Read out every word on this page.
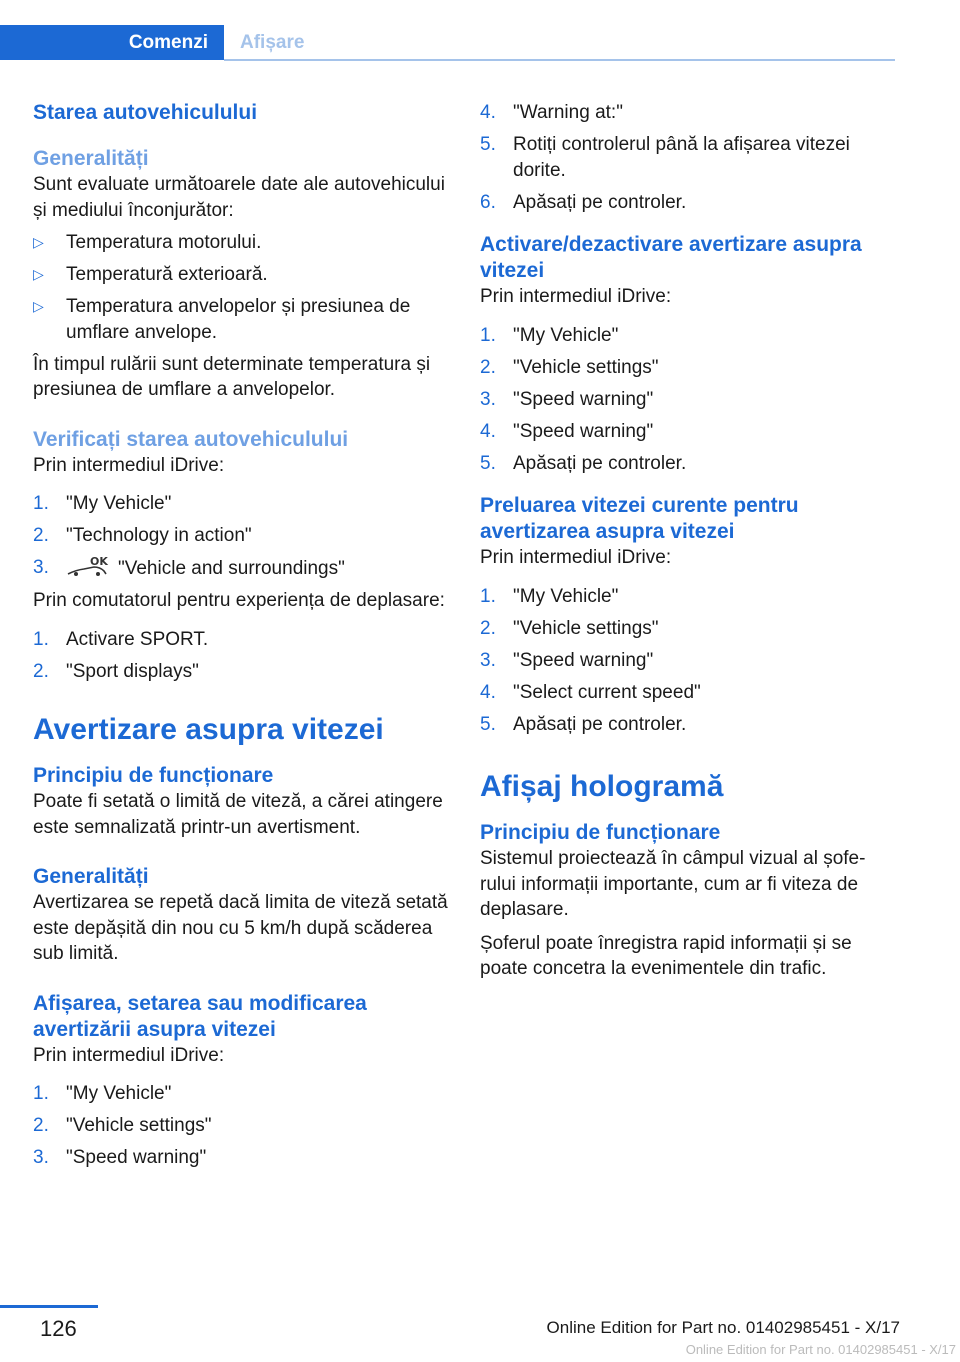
Comenzi	Afișare
Starea autovehiculului
Generalități

Sunt evaluate următoarele date ale autovehicului și mediului înconjurător:

▷ Temperatura motorului.
▷ Temperatură exterioară.
▷ Temperatura anvelopelor și presiunea de umflare anvelope.

În timpul rulării sunt determinate temperatura și presiunea de umflare a anvelopelor.

Verificați starea autovehiculului

Prin intermediul iDrive:

1. "My Vehicle"
2. "Technology in action"
3.	OK "Vehicle and surroundings"

Prin comutatorul pentru experiența de deplasare:

1. Activare SPORT.
2. "Sport displays"
Avertizare asupra vitezei
Principiu de funcționare

Poate fi setată o limită de viteză, a cărei atingere este semnalizată printr-un avertisment.

Generalități

Avertizarea se repetă dacă limita de viteză setată este depășită din nou cu 5 km/h după scăderea sub limită.

Afișarea, setarea sau modificarea avertizării asupra vitezei

Prin intermediul iDrive:

1. "My Vehicle"
2. "Vehicle settings"
3. "Speed warning"
4. "Warning at:"
5. Rotiți controlerul până la afișarea vitezei dorite.
6. Apăsați pe controler.
Activare/dezactivare avertizare asupra vitezei

Prin intermediul iDrive:

1. "My Vehicle"
2. "Vehicle settings"
3. "Speed warning"
4. "Speed warning"
5. Apăsați pe controler.
Preluarea vitezei curente pentru avertizarea asupra vitezei

Prin intermediul iDrive:

1. "My Vehicle"
2. "Vehicle settings"
3. "Speed warning"
4. "Select current speed"
5. Apăsați pe controler.
Afișaj hologramă
Principiu de funcționare

Sistemul proiectează în câmpul vizual al șoferului informații importante, cum ar fi viteza de deplasare.

Șoferul poate înregistra rapid informații și se poate concetra la evenimentele din trafic.

126	Online Edition for Part no. 01402985451 - X/17
Online Edition for Part no. 01402985451 - X/17
